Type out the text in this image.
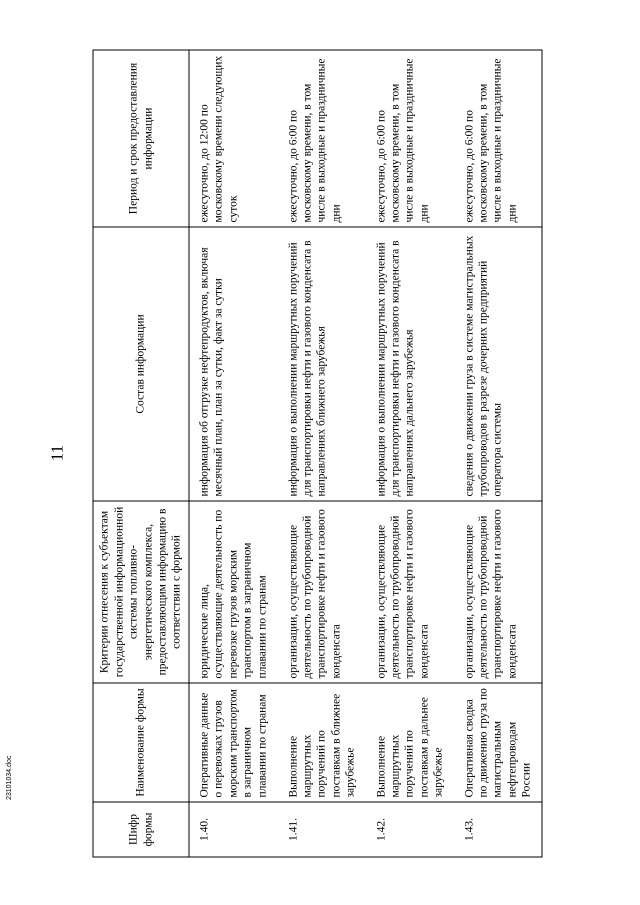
11
Шифр формы	Наименование формы	Критерии отнесения к субъектам государственной информационной системы топливно-энергетического комплекса, предоставляющим информацию в соответствии с формой	Состав информации	Период и срок предоставления информации
1.40.	Оперативные данные о перевозках грузов морским транспортом в заграничном плавании по странам	юридические лица, осуществляющие деятельность по перевозке грузов морским транспортом в заграничном плавании по странам	информация об отгрузке нефтепродуктов, включая месячный план, план за сутки, факт за сутки	ежесуточно, до 12:00 по московскому времени следующих суток
1.41.	Выполнение маршрутных поручений по поставкам в ближнее зарубежье	организации, осуществляющие деятельность по трубопроводной транспортировке нефти и газового конденсата	информация о выполнении маршрутных поручений для транспортировки нефти и газового конденсата в направлениях ближнего зарубежья	ежесуточно, до 6:00 по московскому времени, в том числе в выходные и праздничные дни
1.42.	Выполнение маршрутных поручений по поставкам в дальнее зарубежье	организации, осуществляющие деятельность по трубопроводной транспортировке нефти и газового конденсата	информация о выполнении маршрутных поручений для транспортировки нефти и газового конденсата в направлениях дальнего зарубежья	ежесуточно, до 6:00 по московскому времени, в том числе в выходные и праздничные дни
1.43.	Оперативная сводка по движению груза по магистральным нефтепроводам России	организации, осуществляющие деятельность по трубопроводной транспортировке нефти и газового конденсата	сведения о движении груза в системе магистральных трубопроводов в разрезе дочерних предприятий оператора системы	ежесуточно, до 6:00 по московскому времени, в том числе в выходные и праздничные дни
23101034.doc
